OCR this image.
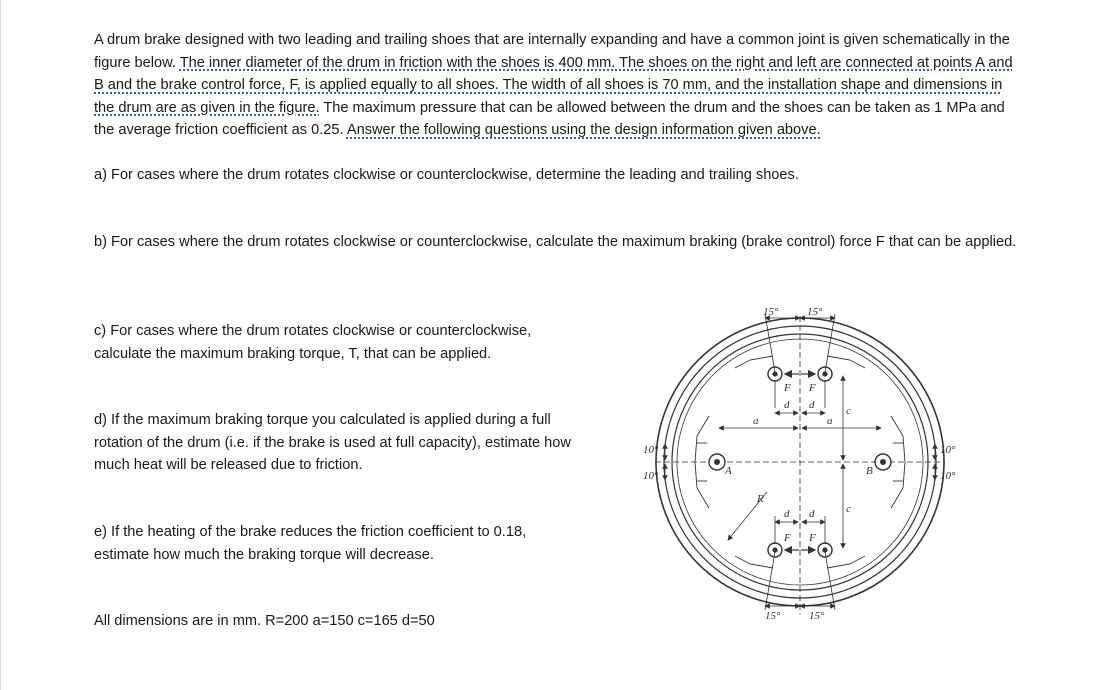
A drum brake designed with two leading and trailing shoes that are internally expanding and have a common joint is given schematically in the figure below. The inner diameter of the drum in friction with the shoes is 400 mm. The shoes on the right and left are connected at points A and B and the brake control force, F, is applied equally to all shoes. The width of all shoes is 70 mm, and the installation shape and dimensions in the drum are as given in the figure. The maximum pressure that can be allowed between the drum and the shoes can be taken as 1 MPa and the average friction coefficient as 0.25. Answer the following questions using the design information given above.
a) For cases where the drum rotates clockwise or counterclockwise, determine the leading and trailing shoes.
b) For cases where the drum rotates clockwise or counterclockwise, calculate the maximum braking (brake control) force F that can be applied.
c) For cases where the drum rotates clockwise or counterclockwise, calculate the maximum braking torque, T, that can be applied.
d) If the maximum braking torque you calculated is applied during a full rotation of the drum (i.e. if the brake is used at full capacity), estimate how much heat will be released due to friction.
e) If the heating of the brake reduces the friction coefficient to 0.18, estimate how much the braking torque will decrease.
All dimensions are in mm. R=200 a=150 c=165 d=50
15°	15°
15°	15°
10°
10°
10°
10°
A	B
R
a	a
c
c
d d
d d
F F
F F
